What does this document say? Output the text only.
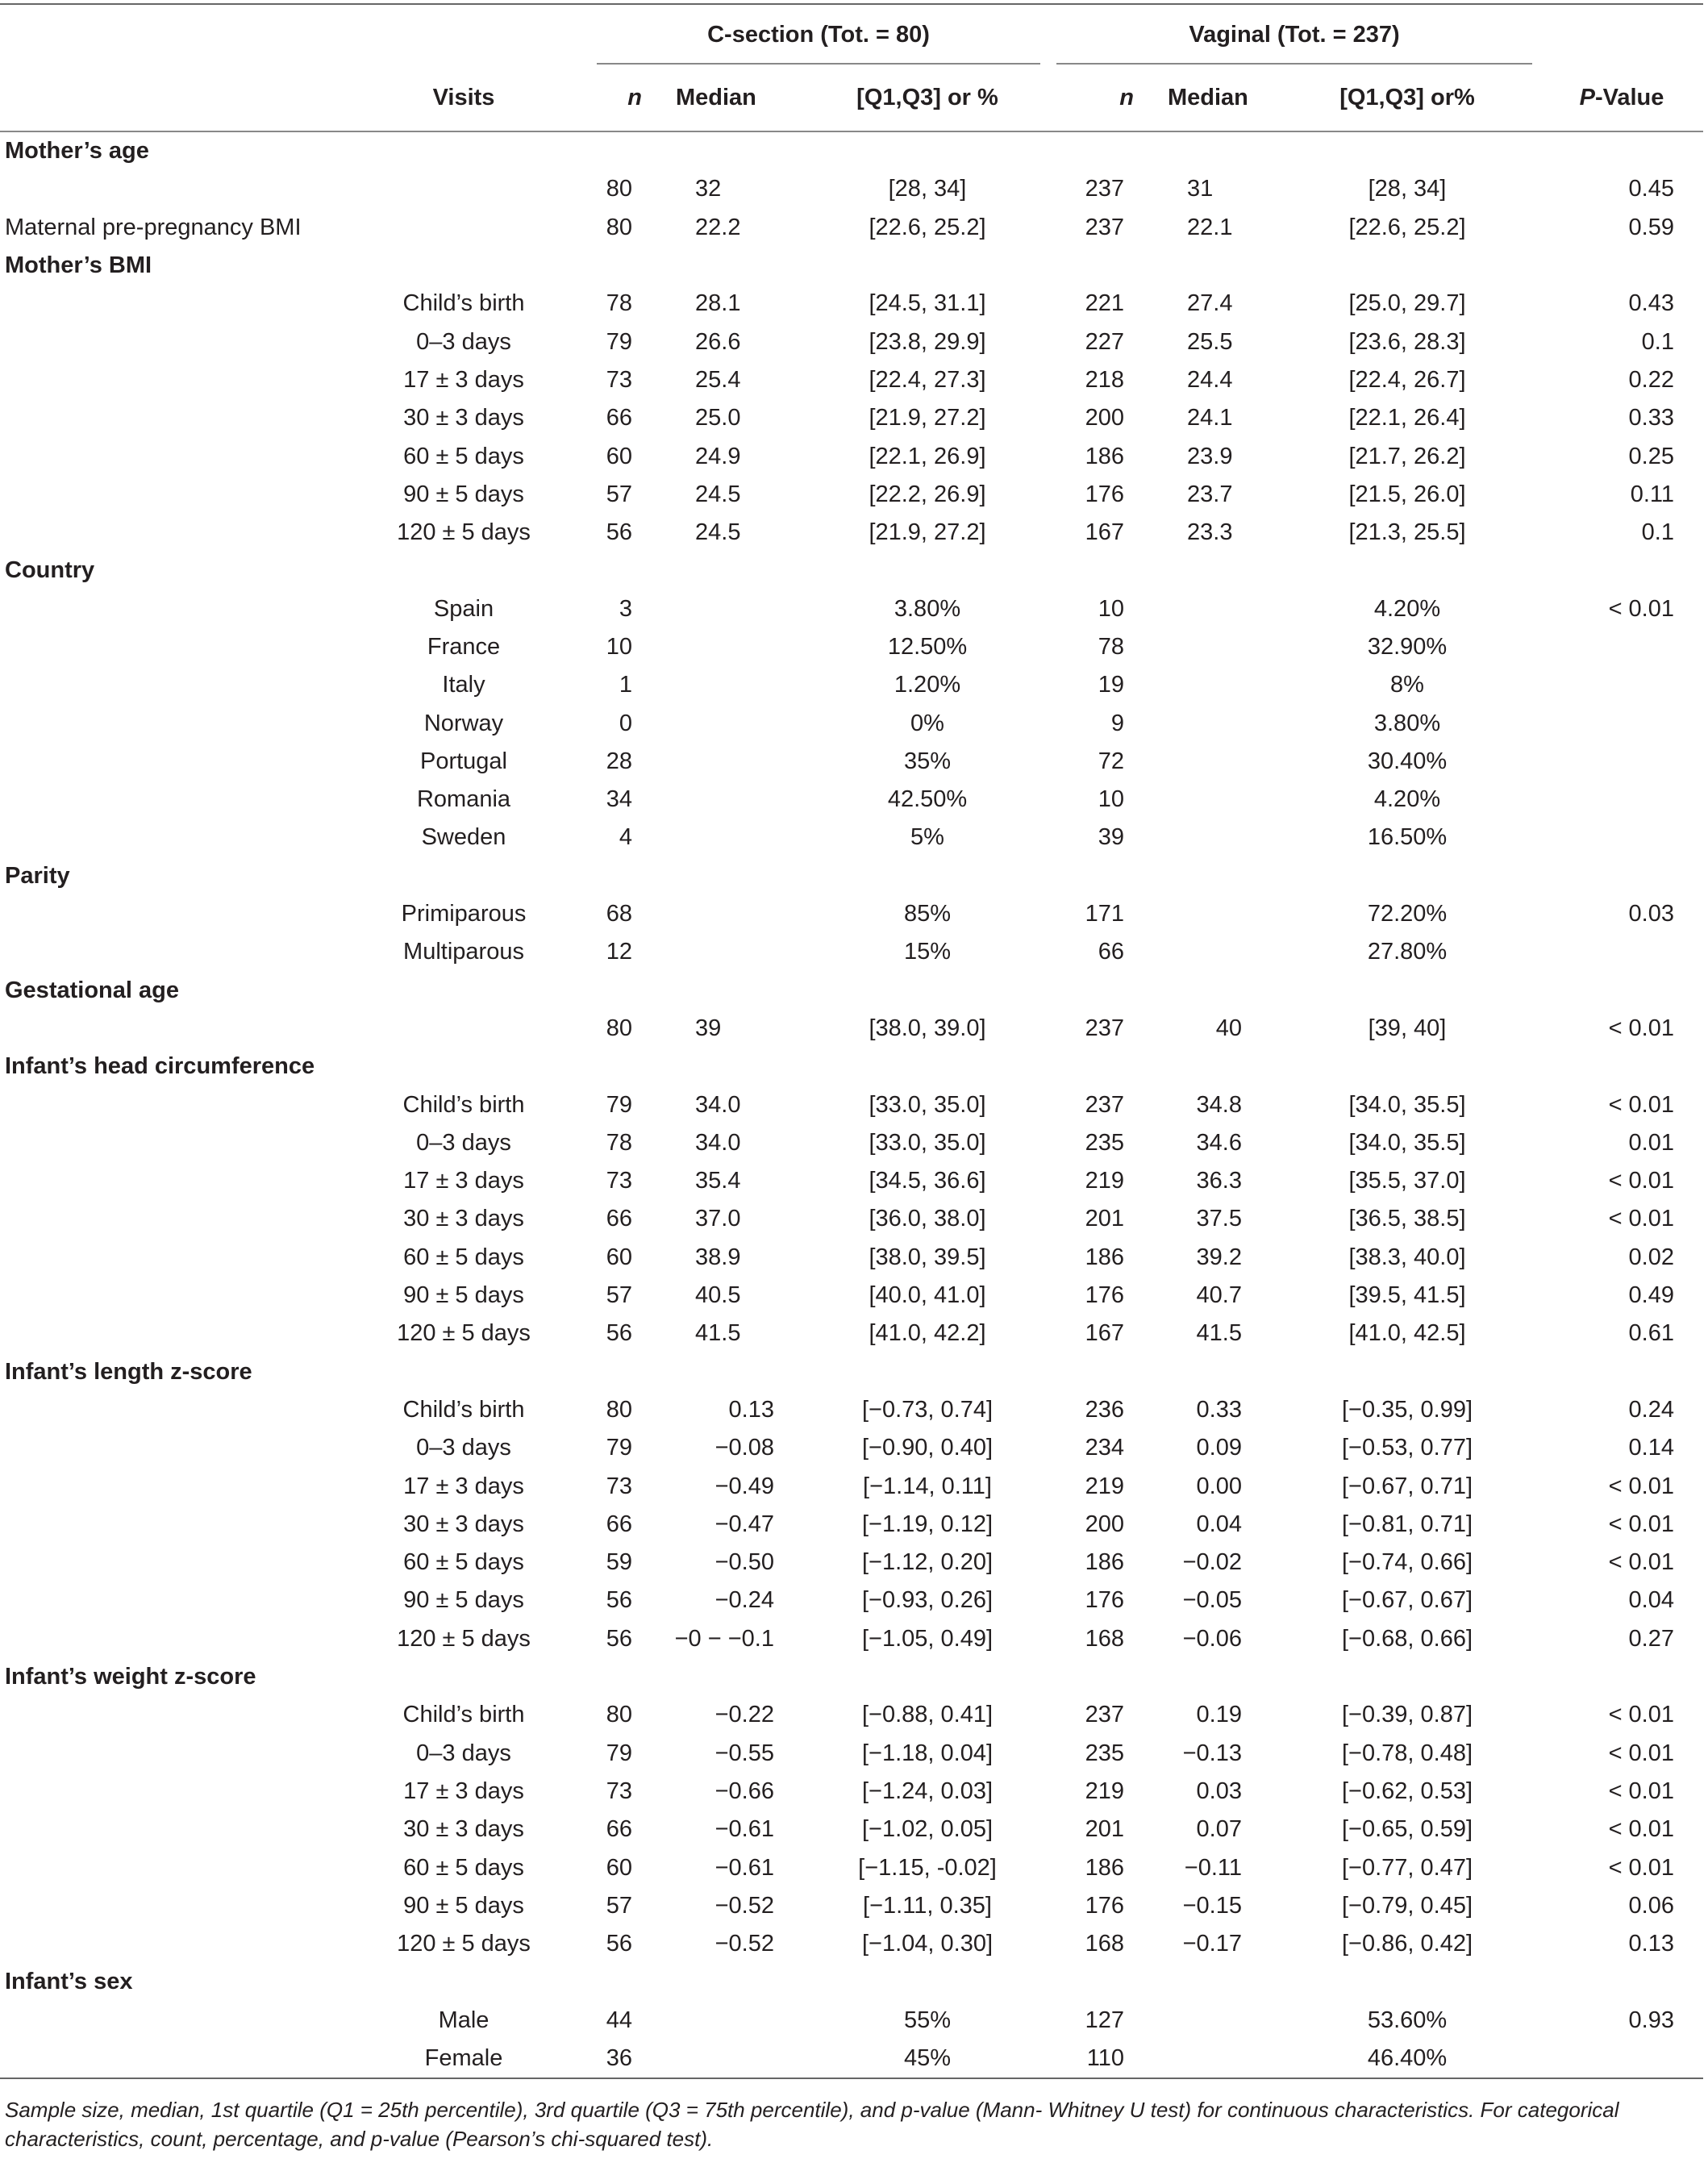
		C-section (Tot. = 80)			Vaginal (Tot. = 237)			
	Visits	n	Median	[Q1,Q3] or %	n	Median	[Q1,Q3] or%	P-Value
Mother’s age								
		80	32	[28, 34]	237	31	[28, 34]	0.45
Maternal pre-pregnancy BMI		80	22.2	[22.6, 25.2]	237	22.1	[22.6, 25.2]	0.59
Mother’s BMI								
	Child’s birth	78	28.1	[24.5, 31.1]	221	27.4	[25.0, 29.7]	0.43
	0–3 days	79	26.6	[23.8, 29.9]	227	25.5	[23.6, 28.3]	0.1
	17 ± 3 days	73	25.4	[22.4, 27.3]	218	24.4	[22.4, 26.7]	0.22
	30 ± 3 days	66	25.0	[21.9, 27.2]	200	24.1	[22.1, 26.4]	0.33
	60 ± 5 days	60	24.9	[22.1, 26.9]	186	23.9	[21.7, 26.2]	0.25
	90 ± 5 days	57	24.5	[22.2, 26.9]	176	23.7	[21.5, 26.0]	0.11
	120 ± 5 days	56	24.5	[21.9, 27.2]	167	23.3	[21.3, 25.5]	0.1
Country								
	Spain	3		3.80%	10		4.20%	< 0.01
	France	10		12.50%	78		32.90%	
	Italy	1		1.20%	19		8%	
	Norway	0		0%	9		3.80%	
	Portugal	28		35%	72		30.40%	
	Romania	34		42.50%	10		4.20%	
	Sweden	4		5%	39		16.50%	
Parity								
	Primiparous	68		85%	171		72.20%	0.03
	Multiparous	12		15%	66		27.80%	
Gestational age								
		80	39	[38.0, 39.0]	237	40	[39, 40]	< 0.01
Infant’s head circumference								
	Child’s birth	79	34.0	[33.0, 35.0]	237	34.8	[34.0, 35.5]	< 0.01
	0–3 days	78	34.0	[33.0, 35.0]	235	34.6	[34.0, 35.5]	0.01
	17 ± 3 days	73	35.4	[34.5, 36.6]	219	36.3	[35.5, 37.0]	< 0.01
	30 ± 3 days	66	37.0	[36.0, 38.0]	201	37.5	[36.5, 38.5]	< 0.01
	60 ± 5 days	60	38.9	[38.0, 39.5]	186	39.2	[38.3, 40.0]	0.02
	90 ± 5 days	57	40.5	[40.0, 41.0]	176	40.7	[39.5, 41.5]	0.49
	120 ± 5 days	56	41.5	[41.0, 42.2]	167	41.5	[41.0, 42.5]	0.61
Infant’s length z-score								
	Child’s birth	80	0.13	[−0.73, 0.74]	236	0.33	[−0.35, 0.99]	0.24
	0–3 days	79	−0.08	[−0.90, 0.40]	234	0.09	[−0.53, 0.77]	0.14
	17 ± 3 days	73	−0.49	[−1.14, 0.11]	219	0.00	[−0.67, 0.71]	< 0.01
	30 ± 3 days	66	−0.47	[−1.19, 0.12]	200	0.04	[−0.81, 0.71]	< 0.01
	60 ± 5 days	59	−0.50	[−1.12, 0.20]	186	−0.02	[−0.74, 0.66]	< 0.01
	90 ± 5 days	56	−0.24	[−0.93, 0.26]	176	−0.05	[−0.67, 0.67]	0.04
	120 ± 5 days	56	−0 − −0.1	[−1.05, 0.49]	168	−0.06	[−0.68, 0.66]	0.27
Infant’s weight z-score								
	Child’s birth	80	−0.22	[−0.88, 0.41]	237	0.19	[−0.39, 0.87]	< 0.01
	0–3 days	79	−0.55	[−1.18, 0.04]	235	−0.13	[−0.78, 0.48]	< 0.01
	17 ± 3 days	73	−0.66	[−1.24, 0.03]	219	0.03	[−0.62, 0.53]	< 0.01
	30 ± 3 days	66	−0.61	[−1.02, 0.05]	201	0.07	[−0.65, 0.59]	< 0.01
	60 ± 5 days	60	−0.61	[−1.15, -0.02]	186	−0.11	[−0.77, 0.47]	< 0.01
	90 ± 5 days	57	−0.52	[−1.11, 0.35]	176	−0.15	[−0.79, 0.45]	0.06
	120 ± 5 days	56	−0.52	[−1.04, 0.30]	168	−0.17	[−0.86, 0.42]	0.13
Infant’s sex								
	Male	44		55%	127		53.60%	0.93
	Female	36		45%	110		46.40%	

Sample size, median, 1st quartile (Q1 = 25th percentile), 3rd quartile (Q3 = 75th percentile), and p-value (Mann- Whitney U test) for continuous characteristics. For categorical characteristics, count, percentage, and p-value (Pearson’s chi-squared test).
